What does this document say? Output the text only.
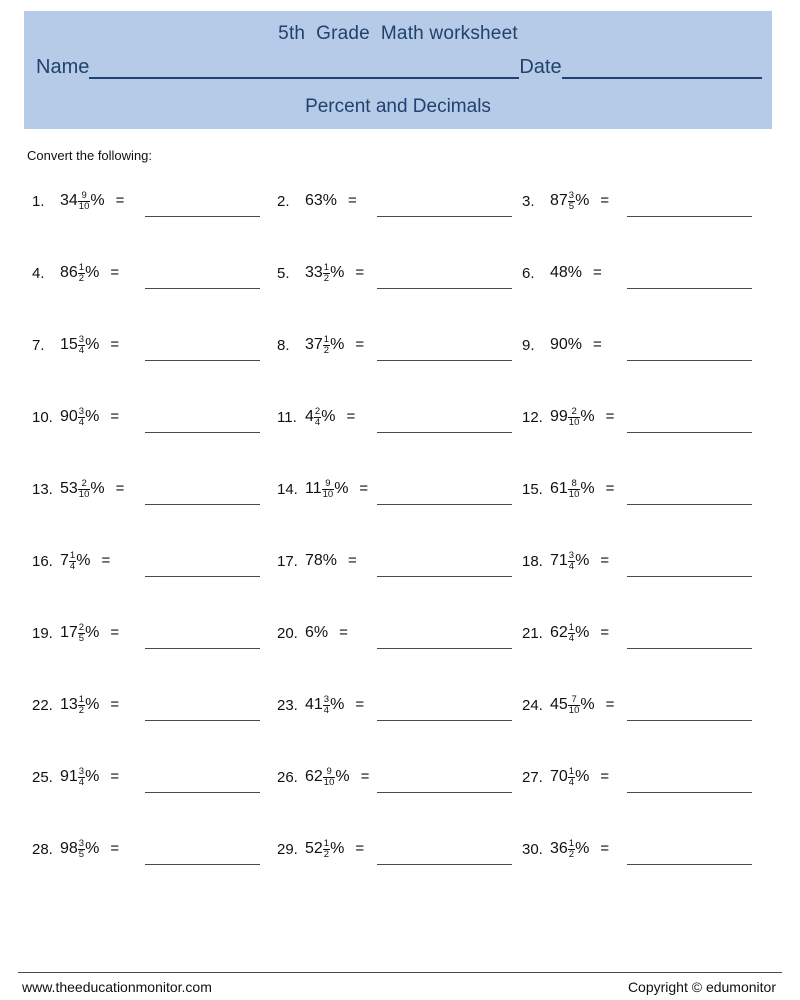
5th  Grade  Math worksheet
Name	Date
Percent and Decimals
Convert the following:
1. $34 \frac{9}{10}$ % =	2. 63 % =	3. $87 \frac{3}{5}$ % =
4. $86 \frac{1}{2}$ % =	5. $33 \frac{1}{2}$ % =	6. 48 % =
7. $15 \frac{3}{4}$ % =	8. $37 \frac{1}{2}$ % =	9. 90 % =
10. $90 \frac{3}{4}$ % =	11. $4 \frac{2}{4}$ % =	12. $99 \frac{2}{10}$ % =
13. $53 \frac{2}{10}$ % =	14. $11 \frac{9}{10}$ % =	15. $61 \frac{8}{10}$ % =
16. $7 \frac{1}{4}$ % =	17. 78 % =	18. $71 \frac{3}{4}$ % =
19. $17 \frac{2}{5}$ % =	20. 6 % =	21. $62 \frac{1}{4}$ % =
22. $13 \frac{1}{2}$ % =	23. $41 \frac{3}{4}$ % =	24. $45 \frac{7}{10}$ % =
25. $91 \frac{3}{4}$ % =	26. $62 \frac{9}{10}$ % =	27. $70 \frac{1}{4}$ % =
28. $98 \frac{3}{5}$ % =	29. $52 \frac{1}{2}$ % =	30. $36 \frac{1}{2}$ % =
www.theeducationmonitor.com	Copyright © edumonitor
